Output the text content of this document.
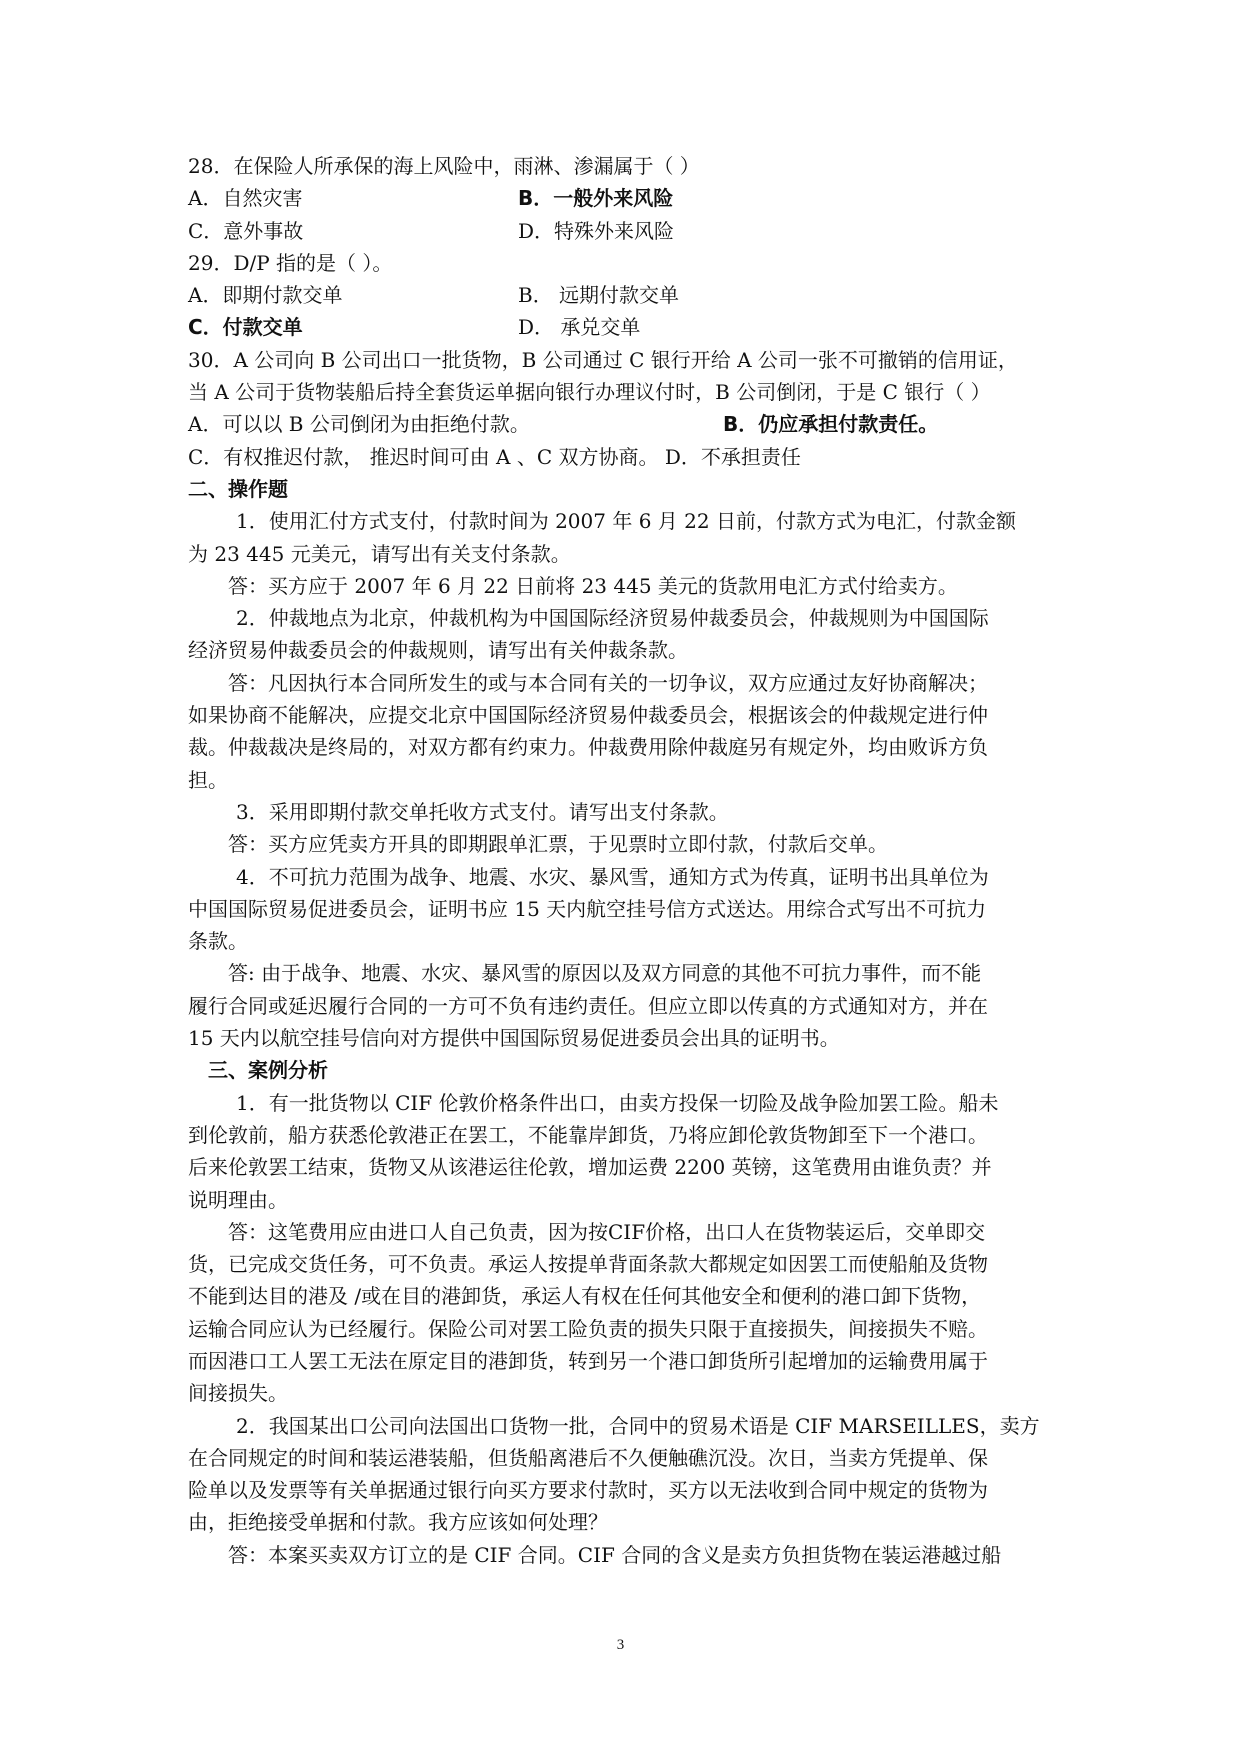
28．在保险人所承保的海上风险中，雨淋、渗漏属于（ ）
A．自然灾害	B．一般外来风险
C．意外事故	D．特殊外来风险
29．D/P 指的是（ ）。
A．即期付款交单	B． 远期付款交单
C．付款交单	D． 承兑交单
30．A 公司向 B 公司出口一批货物，B 公司通过 C 银行开给 A 公司一张不可撤销的信用证，
当 A 公司于货物装船后持全套货运单据向银行办理议付时，B 公司倒闭，于是 C 银行（ ）
A．可以以 B 公司倒闭为由拒绝付款。	B．仍应承担付款责任。
C．有权推迟付款， 推迟时间可由 A 、C 双方协商。 D．不承担责任
二、操作题
1．使用汇付方式支付，付款时间为 2007 年 6 月 22 日前，付款方式为电汇，付款金额
为 23 445 元美元，请写出有关支付条款。
答：买方应于 2007 年 6 月 22 日前将 23 445 美元的货款用电汇方式付给卖方。
2．仲裁地点为北京，仲裁机构为中国国际经济贸易仲裁委员会，仲裁规则为中国国际
经济贸易仲裁委员会的仲裁规则，请写出有关仲裁条款。
答：凡因执行本合同所发生的或与本合同有关的一切争议，双方应通过友好协商解决；
如果协商不能解决，应提交北京中国国际经济贸易仲裁委员会，根据该会的仲裁规定进行仲
裁。仲裁裁决是终局的，对双方都有约束力。仲裁费用除仲裁庭另有规定外，均由败诉方负
担。
3．采用即期付款交单托收方式支付。请写出支付条款。
答：买方应凭卖方开具的即期跟单汇票，于见票时立即付款，付款后交单。
4．不可抗力范围为战争、地震、水灾、暴风雪，通知方式为传真，证明书出具单位为
中国国际贸易促进委员会，证明书应 15 天内航空挂号信方式送达。用综合式写出不可抗力
条款。
答: 由于战争、地震、水灾、暴风雪的原因以及双方同意的其他不可抗力事件，而不能
履行合同或延迟履行合同的一方可不负有违约责任。但应立即以传真的方式通知对方，并在
15 天内以航空挂号信向对方提供中国国际贸易促进委员会出具的证明书。
三、案例分析
1．有一批货物以 CIF 伦敦价格条件出口，由卖方投保一切险及战争险加罢工险。船未
到伦敦前，船方获悉伦敦港正在罢工，不能靠岸卸货，乃将应卸伦敦货物卸至下一个港口。
后来伦敦罢工结束，货物又从该港运往伦敦，增加运费 2200 英镑，这笔费用由谁负责？并
说明理由。
答：这笔费用应由进口人自己负责，因为按CIF价格，出口人在货物装运后，交单即交
货，已完成交货任务，可不负责。承运人按提单背面条款大都规定如因罢工而使船舶及货物
不能到达目的港及 /或在目的港卸货，承运人有权在任何其他安全和便利的港口卸下货物，
运输合同应认为已经履行。保险公司对罢工险负责的损失只限于直接损失，间接损失不赔。
而因港口工人罢工无法在原定目的港卸货，转到另一个港口卸货所引起增加的运输费用属于
间接损失。
2．我国某出口公司向法国出口货物一批，合同中的贸易术语是 CIF MARSEILLES，卖方
在合同规定的时间和装运港装船，但货船离港后不久便触礁沉没。次日，当卖方凭提单、保
险单以及发票等有关单据通过银行向买方要求付款时，买方以无法收到合同中规定的货物为
由，拒绝接受单据和付款。我方应该如何处理？
答：本案买卖双方订立的是 CIF 合同。CIF 合同的含义是卖方负担货物在装运港越过船
3
